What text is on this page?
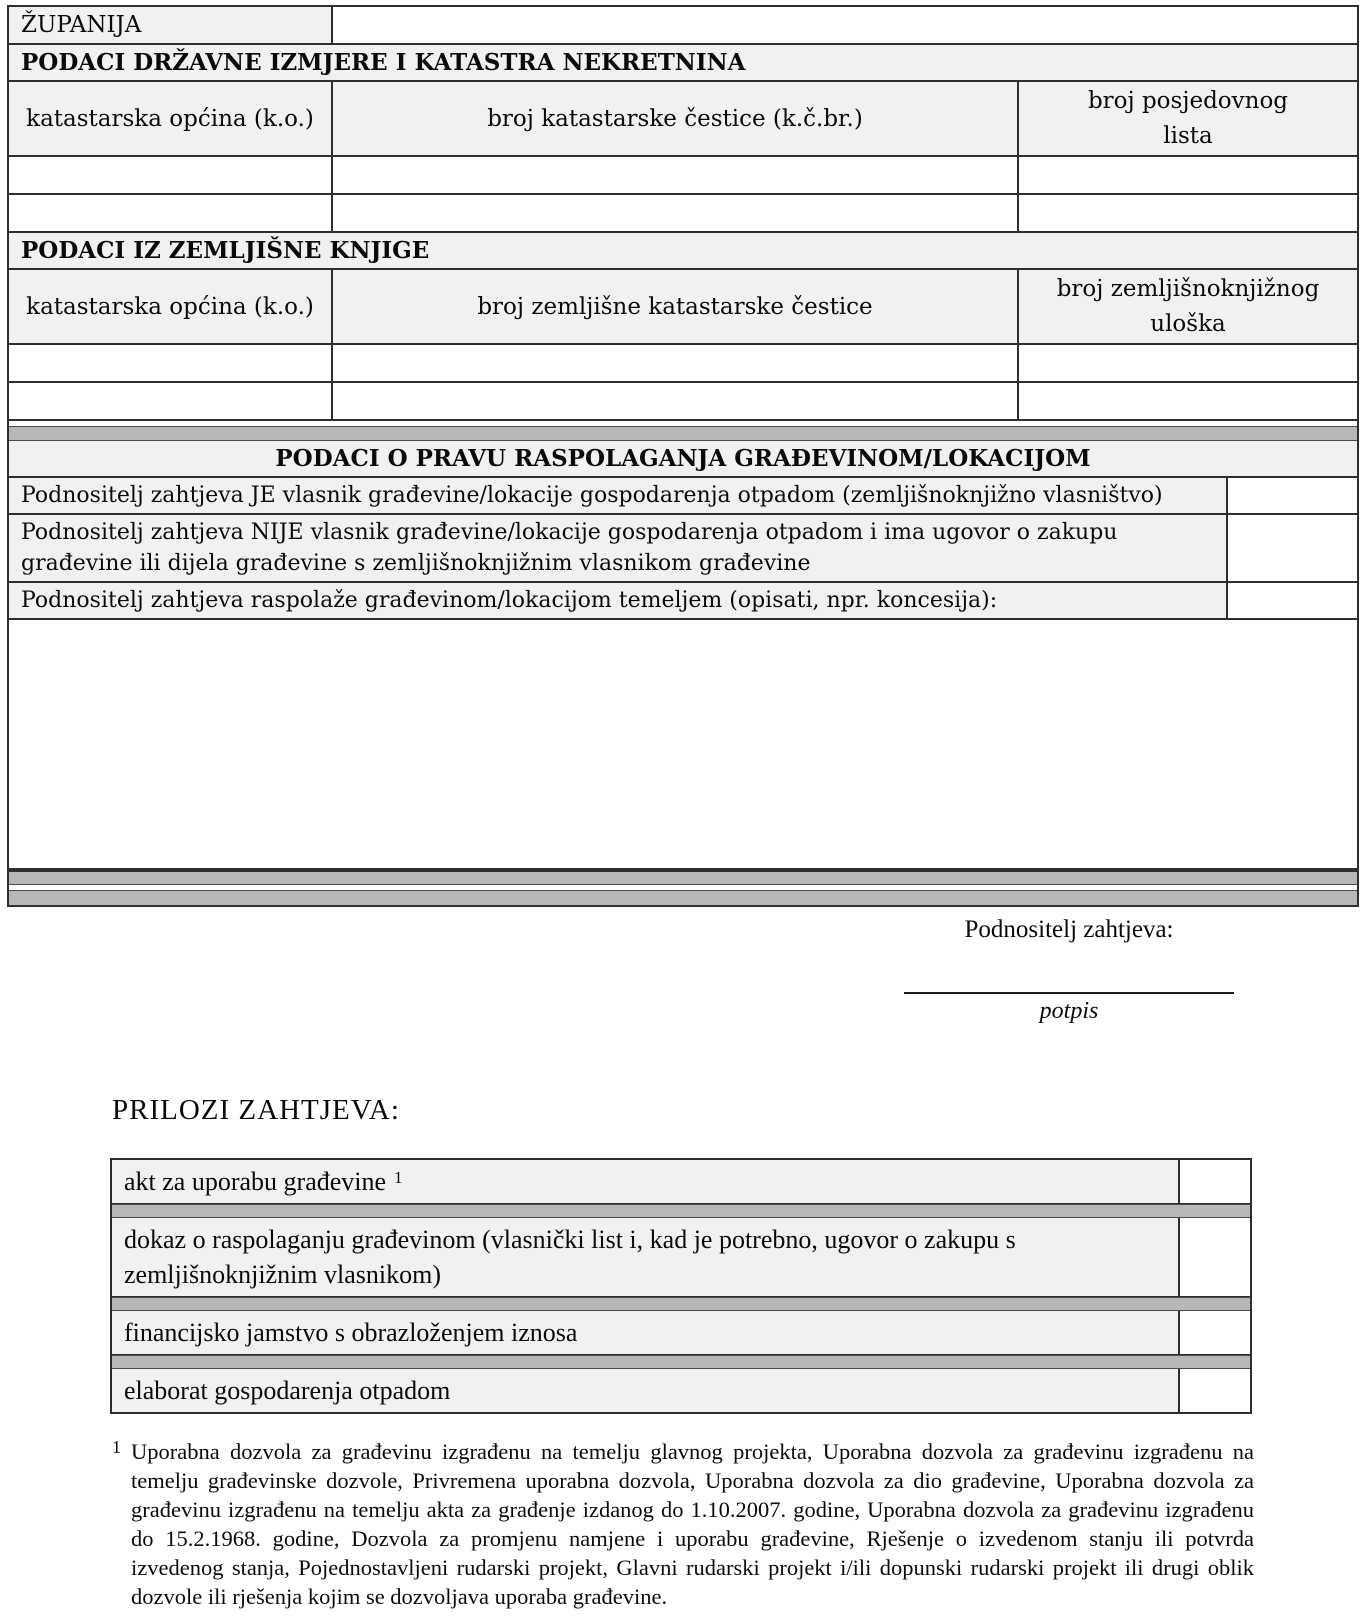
ŽUPANIJA
PODACI DRŽAVNE IZMJERE I KATASTRA NEKRETNINA
katastarska općina (k.o.)	broj katastarske čestice (k.č.br.)
broj posjedovnog lista
PODACI IZ ZEMLJIŠNE KNJIGE
katastarska općina (k.o.)	broj zemljišne katastarske čestice
broj zemljišnoknjižnog uloška
PODACI O PRAVU RASPOLAGANJA GRAĐEVINOM/LOKACIJOM
Podnositelj zahtjeva JE vlasnik građevine/lokacije gospodarenja otpadom (zemljišnoknjižno vlasništvo)
Podnositelj zahtjeva NIJE vlasnik građevine/lokacije gospodarenja otpadom i ima ugovor o zakupu građevine ili dijela građevine s zemljišnoknjižnim vlasnikom građevine
Podnositelj zahtjeva raspolaže građevinom/lokacijom temeljem (opisati, npr. koncesija):
Podnositelj zahtjeva:
potpis
PRILOZI ZAHTJEVA:
akt za uporabu građevine $^1$
dokaz o raspolaganju građevinom (vlasnički list i, kad je potrebno, ugovor o zakupu s zemljišnoknjižnim vlasnikom)
financijsko jamstvo s obrazloženjem iznosa
elaborat gospodarenja otpadom
1 Uporabna dozvola za građevinu izgrađenu na temelju glavnog projekta, Uporabna dozvola za građevinu izgrađenu na temelju građevinske dozvole, Privremena uporabna dozvola, Uporabna dozvola za dio građevine, Uporabna dozvola za građevinu izgrađenu na temelju akta za građenje izdanog do 1.10.2007. godine, Uporabna dozvola za građevinu izgrađenu do 15.2.1968. godine, Dozvola za promjenu namjene i uporabu građevine, Rješenje o izvedenom stanju ili potvrda izvedenog stanja, Pojednostavljeni rudarski projekt, Glavni rudarski projekt i/ili dopunski rudarski projekt ili drugi oblik dozvole ili rješenja kojim se dozvoljava uporaba građevine.
